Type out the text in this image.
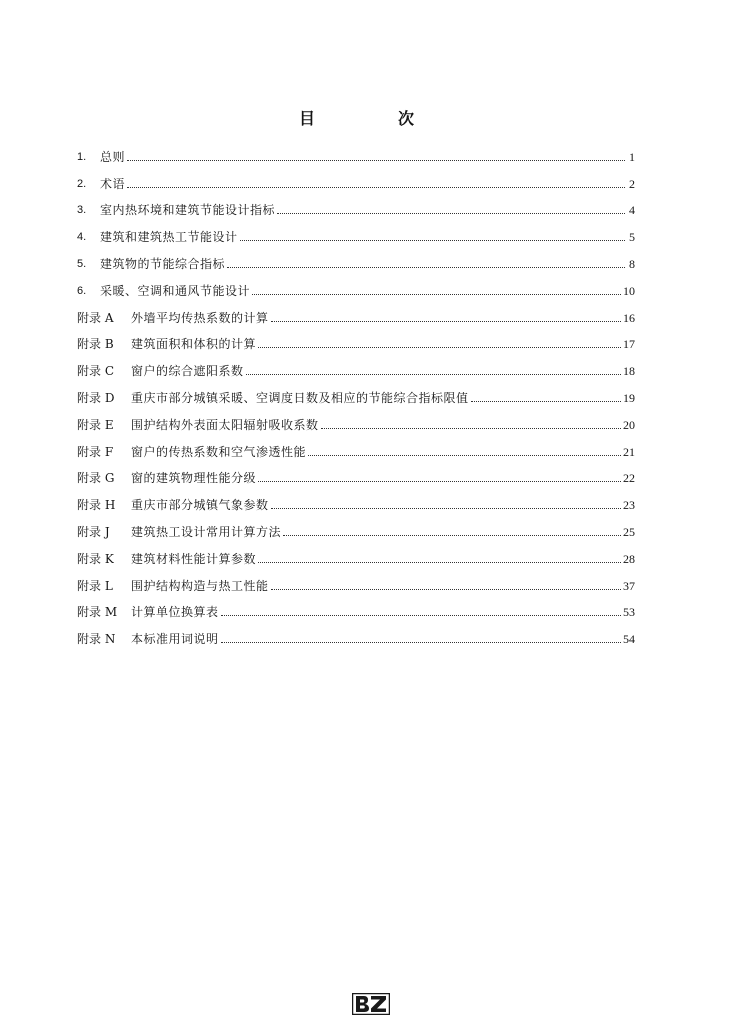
目	次
1.	总则	1
2.	术语	2
3.	室内热环境和建筑节能设计指标	4
4.	建筑和建筑热工节能设计	5
5.	建筑物的节能综合指标	8
6.	采暖、空调和通风节能设计	10
附录 A	外墙平均传热系数的计算	16
附录 B	建筑面积和体积的计算	17
附录 C	窗户的综合遮阳系数	18
附录 D	重庆市部分城镇采暖、空调度日数及相应的节能综合指标限值	19
附录 E	围护结构外表面太阳辐射吸收系数	20
附录 F	窗户的传热系数和空气渗透性能	21
附录 G	窗的建筑物理性能分级	22
附录 H	重庆市部分城镇气象参数	23
附录 J	建筑热工设计常用计算方法	25
附录 K	建筑材料性能计算参数	28
附录 L	围护结构构造与热工性能	37
附录 M	计算单位换算表	53
附录 N	本标准用词说明	54
